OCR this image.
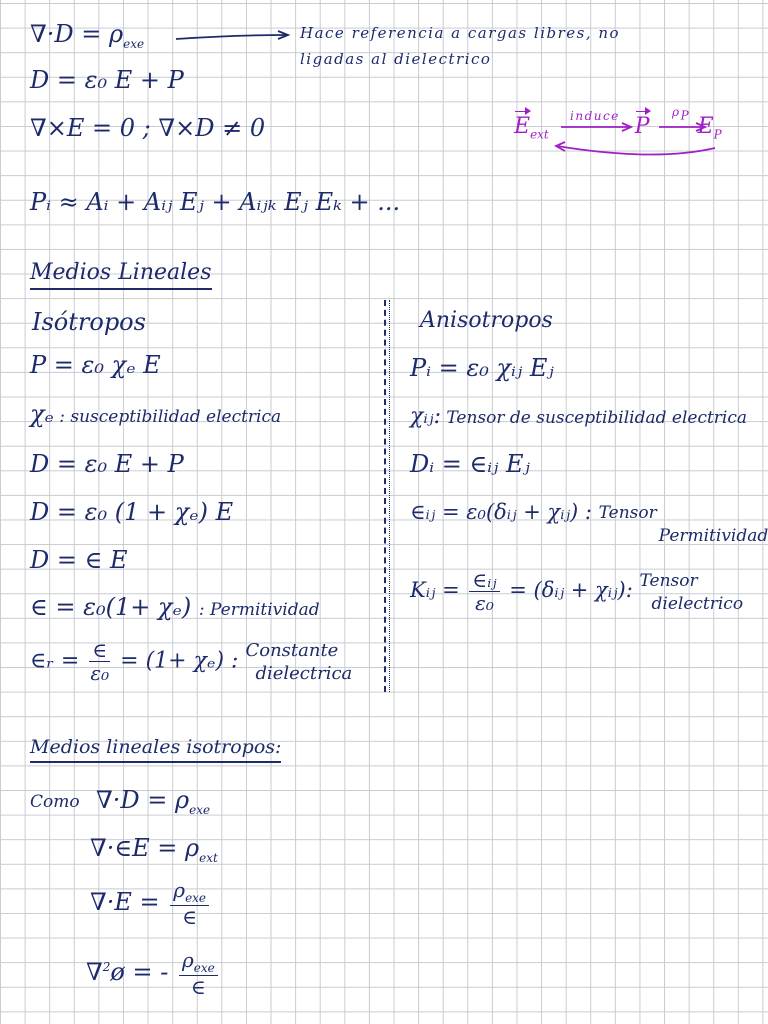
$\nabla\cdot D = \rho_{exe}$
Hace referencia a cargas libres, no
ligadas al dielectrico
D = ε₀ E + P
∇×E = 0 ; ∇×D ≠ 0	$E_{ext}$
induce P
$\rho_P$ $E_P$
Pᵢ ≈ Aᵢ + Aᵢⱼ Eⱼ + Aᵢⱼₖ Eⱼ Eₖ + ...
Medios Lineales
Isótropos
P = ε₀ χₑ E
χₑ : susceptibilidad electrica
D = ε₀ E + P
D = ε₀ (1 + χₑ) E
D = ∈ E
∈ = ε₀(1+ χₑ) : Permitividad
∈ᵣ = $\frac{\in}{\text{ε₀}} = (1+ \chi_e)$ : Constante
dielectrica
Anisotropos
Pᵢ = ε₀ χᵢⱼ Eⱼ
χᵢⱼ: Tensor de susceptibilidad electrica
Dᵢ = ∈ᵢⱼ Eⱼ
∈ᵢⱼ = ε₀(δᵢⱼ + χᵢⱼ) : Tensor
Permitividad
Kᵢⱼ = $\frac{\text{∈ᵢⱼ}}{\text{ε₀}}$ = (δᵢⱼ + χᵢⱼ): Tensor
dielectrico
Medios lineales isotropos:
Como $\nabla\cdot D = \rho_{exe}$
∇·∈E = $\rho_{ext}$
$\nabla\cdot E = \frac{\rho_{exe}}{\in}$
∇$^2$ø = - $\frac{\rho_{exe}}{\in}$
